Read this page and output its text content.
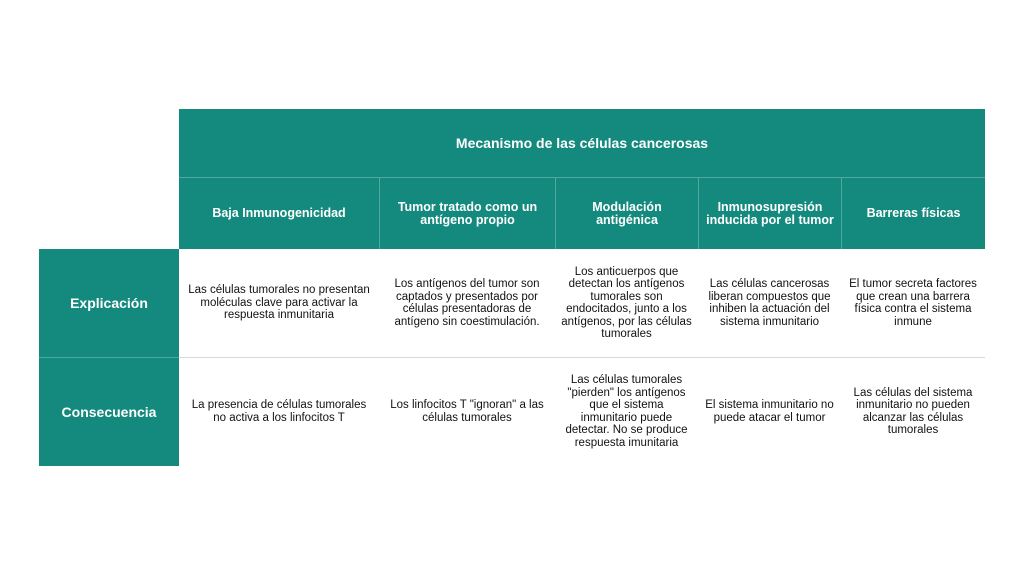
Mecanismo de las células cancerosas
Baja Inmunogenicidad	Tumor tratado como un antígeno propio
Modulación antigénica
Inmunosupresión inducida por el tumor	Barreras físicas
Explicación
Consecuencia
Las células tumorales no presentan moléculas clave para activar la respuesta inmunitaria
Los antígenos del tumor son captados y presentados por células presentadoras de antígeno sin coestimulación.
Los anticuerpos que detectan los antígenos tumorales son endocitados, junto a los antígenos, por las células tumorales
Las células cancerosas liberan compuestos que inhiben la actuación del sistema inmunitario
El tumor secreta factores que crean una barrera física contra el sistema inmune
La presencia de células tumorales no activa a los linfocitos T
Los linfocitos T "ignoran" a las células tumorales
Las células tumorales "pierden" los antígenos que el sistema inmunitario puede detectar. No se produce respuesta imunitaria
El sistema inmunitario no puede atacar el tumor
Las células del sistema inmunitario no pueden alcanzar las células tumorales
